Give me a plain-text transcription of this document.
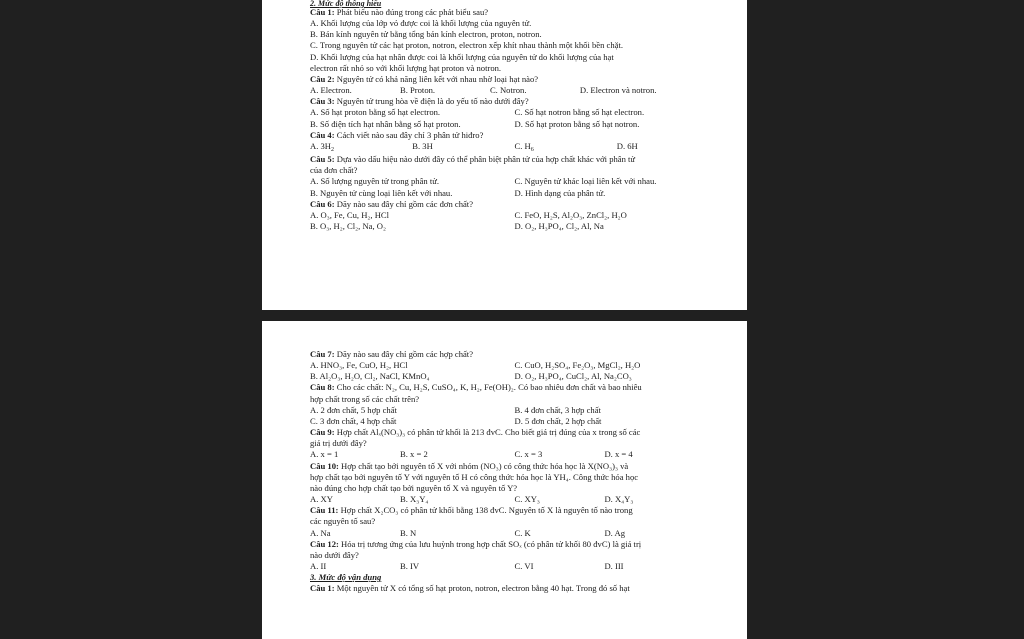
2. Mức độ thông hiểu
Câu 1: Phát biểu nào đúng trong các phát biểu sau?
A. Khối lượng của lớp vỏ được coi là khối lượng của nguyên tử.
B. Bán kính nguyên tử bằng tổng bán kính electron, proton, notron.
C. Trong nguyên tử các hạt proton, notron, electron xếp khít nhau thành một khối bền chặt.
D. Khối lượng của hạt nhân được coi là khối lượng của nguyên tử do khối lượng của hạt
electron rất nhỏ so với khối lượng hạt proton và notron.
Câu 2: Nguyên tử có khả năng liên kết với nhau nhờ loại hạt nào?
A. Electron.	B. Proton.	C. Notron.	D. Electron và notron.
Câu 3: Nguyên tử trung hòa về điện là do yếu tố nào dưới đây?
A. Số hạt proton bằng số hạt electron.	C. Số hạt notron bằng số hạt electron.
B. Số điện tích hạt nhân bằng số hạt proton.	D. Số hạt proton bằng số hạt notron.
Câu 4: Cách viết nào sau đây chỉ 3 phân tử hiđro?
A. $3H_2$	B. 3H	C. $H_6$	D. 6H
Câu 5: Dựa vào dấu hiệu nào dưới đây có thể phân biệt phân tử của hợp chất khác với phân tử
của đơn chất?
A. Số lượng nguyên tử trong phân tử.	C. Nguyên tử khác loại liên kết với nhau.
B. Nguyên tử cùng loại liên kết với nhau.	D. Hình dạng của phân tử.
Câu 6: Dãy nào sau đây chỉ gồm các đơn chất?
A. O₃, Fe, Cu, H₂, HCl	C. FeO, H₂S, Al₂O₃, ZnCl₂, H₂O
B. O₃, H₂, Cl₂, Na, O₂	D. O₂, H₃PO₄, Cl₂, Al, Na
Câu 7: Dãy nào sau đây chỉ gồm các hợp chất?
A. HNO₃, Fe, CuO, H₂, HCl	C. CuO, H₂SO₄, Fe₂O₃, MgCl₂, H₂O
B. Al₂O₃, H₂O, Cl₂, NaCl, KMnO₄	D. O₂, H₃PO₄, CuCl₂, Al, Na₂CO₃
Câu 8: Cho các chất: N₂, Cu, H₂S, CuSO₄, K, H₂, Fe(OH)₂. Có bao nhiêu đơn chất và bao nhiêu
hợp chất trong số các chất trên?
A. 2 đơn chất, 5 hợp chất	B. 4 đơn chất, 3 hợp chất
C. 3 đơn chất, 4 hợp chất	D. 5 đơn chất, 2 hợp chất
Câu 9: Hợp chất Alₓ(NO₃)₃ có phân tử khối là 213 đvC. Cho biết giá trị đúng của x trong số các
giá trị dưới đây?
A. x = 1	B. x = 2	C. x = 3	D. x = 4
Câu 10: Hợp chất tạo bởi nguyên tố X với nhóm (NO₃) có công thức hóa học là X(NO₃)₃ và
hợp chất tạo bởi nguyên tố Y với nguyên tố H có công thức hóa học là YH₄. Công thức hóa học
nào đúng cho hợp chất tạo bởi nguyên tố X và nguyên tố Y?
A. XY	B. X₃Y₄	C. XY₃	D. X₄Y₃
Câu 11: Hợp chất X₂CO₃ có phân tử khối bằng 138 đvC. Nguyên tố X là nguyên tố nào trong
các nguyên tố sau?
A. Na	B. N	C. K	D. Ag
Câu 12: Hóa trị tương ứng của lưu huỳnh trong hợp chất SOₓ (có phân tử khối 80 đvC) là giá trị
nào dưới đây?
A. II	B. IV	C. VI	D. III
3. Mức độ vận dụng
Câu 1: Một nguyên tử X có tổng số hạt proton, notron, electron bằng 40 hạt. Trong đó số hạt
